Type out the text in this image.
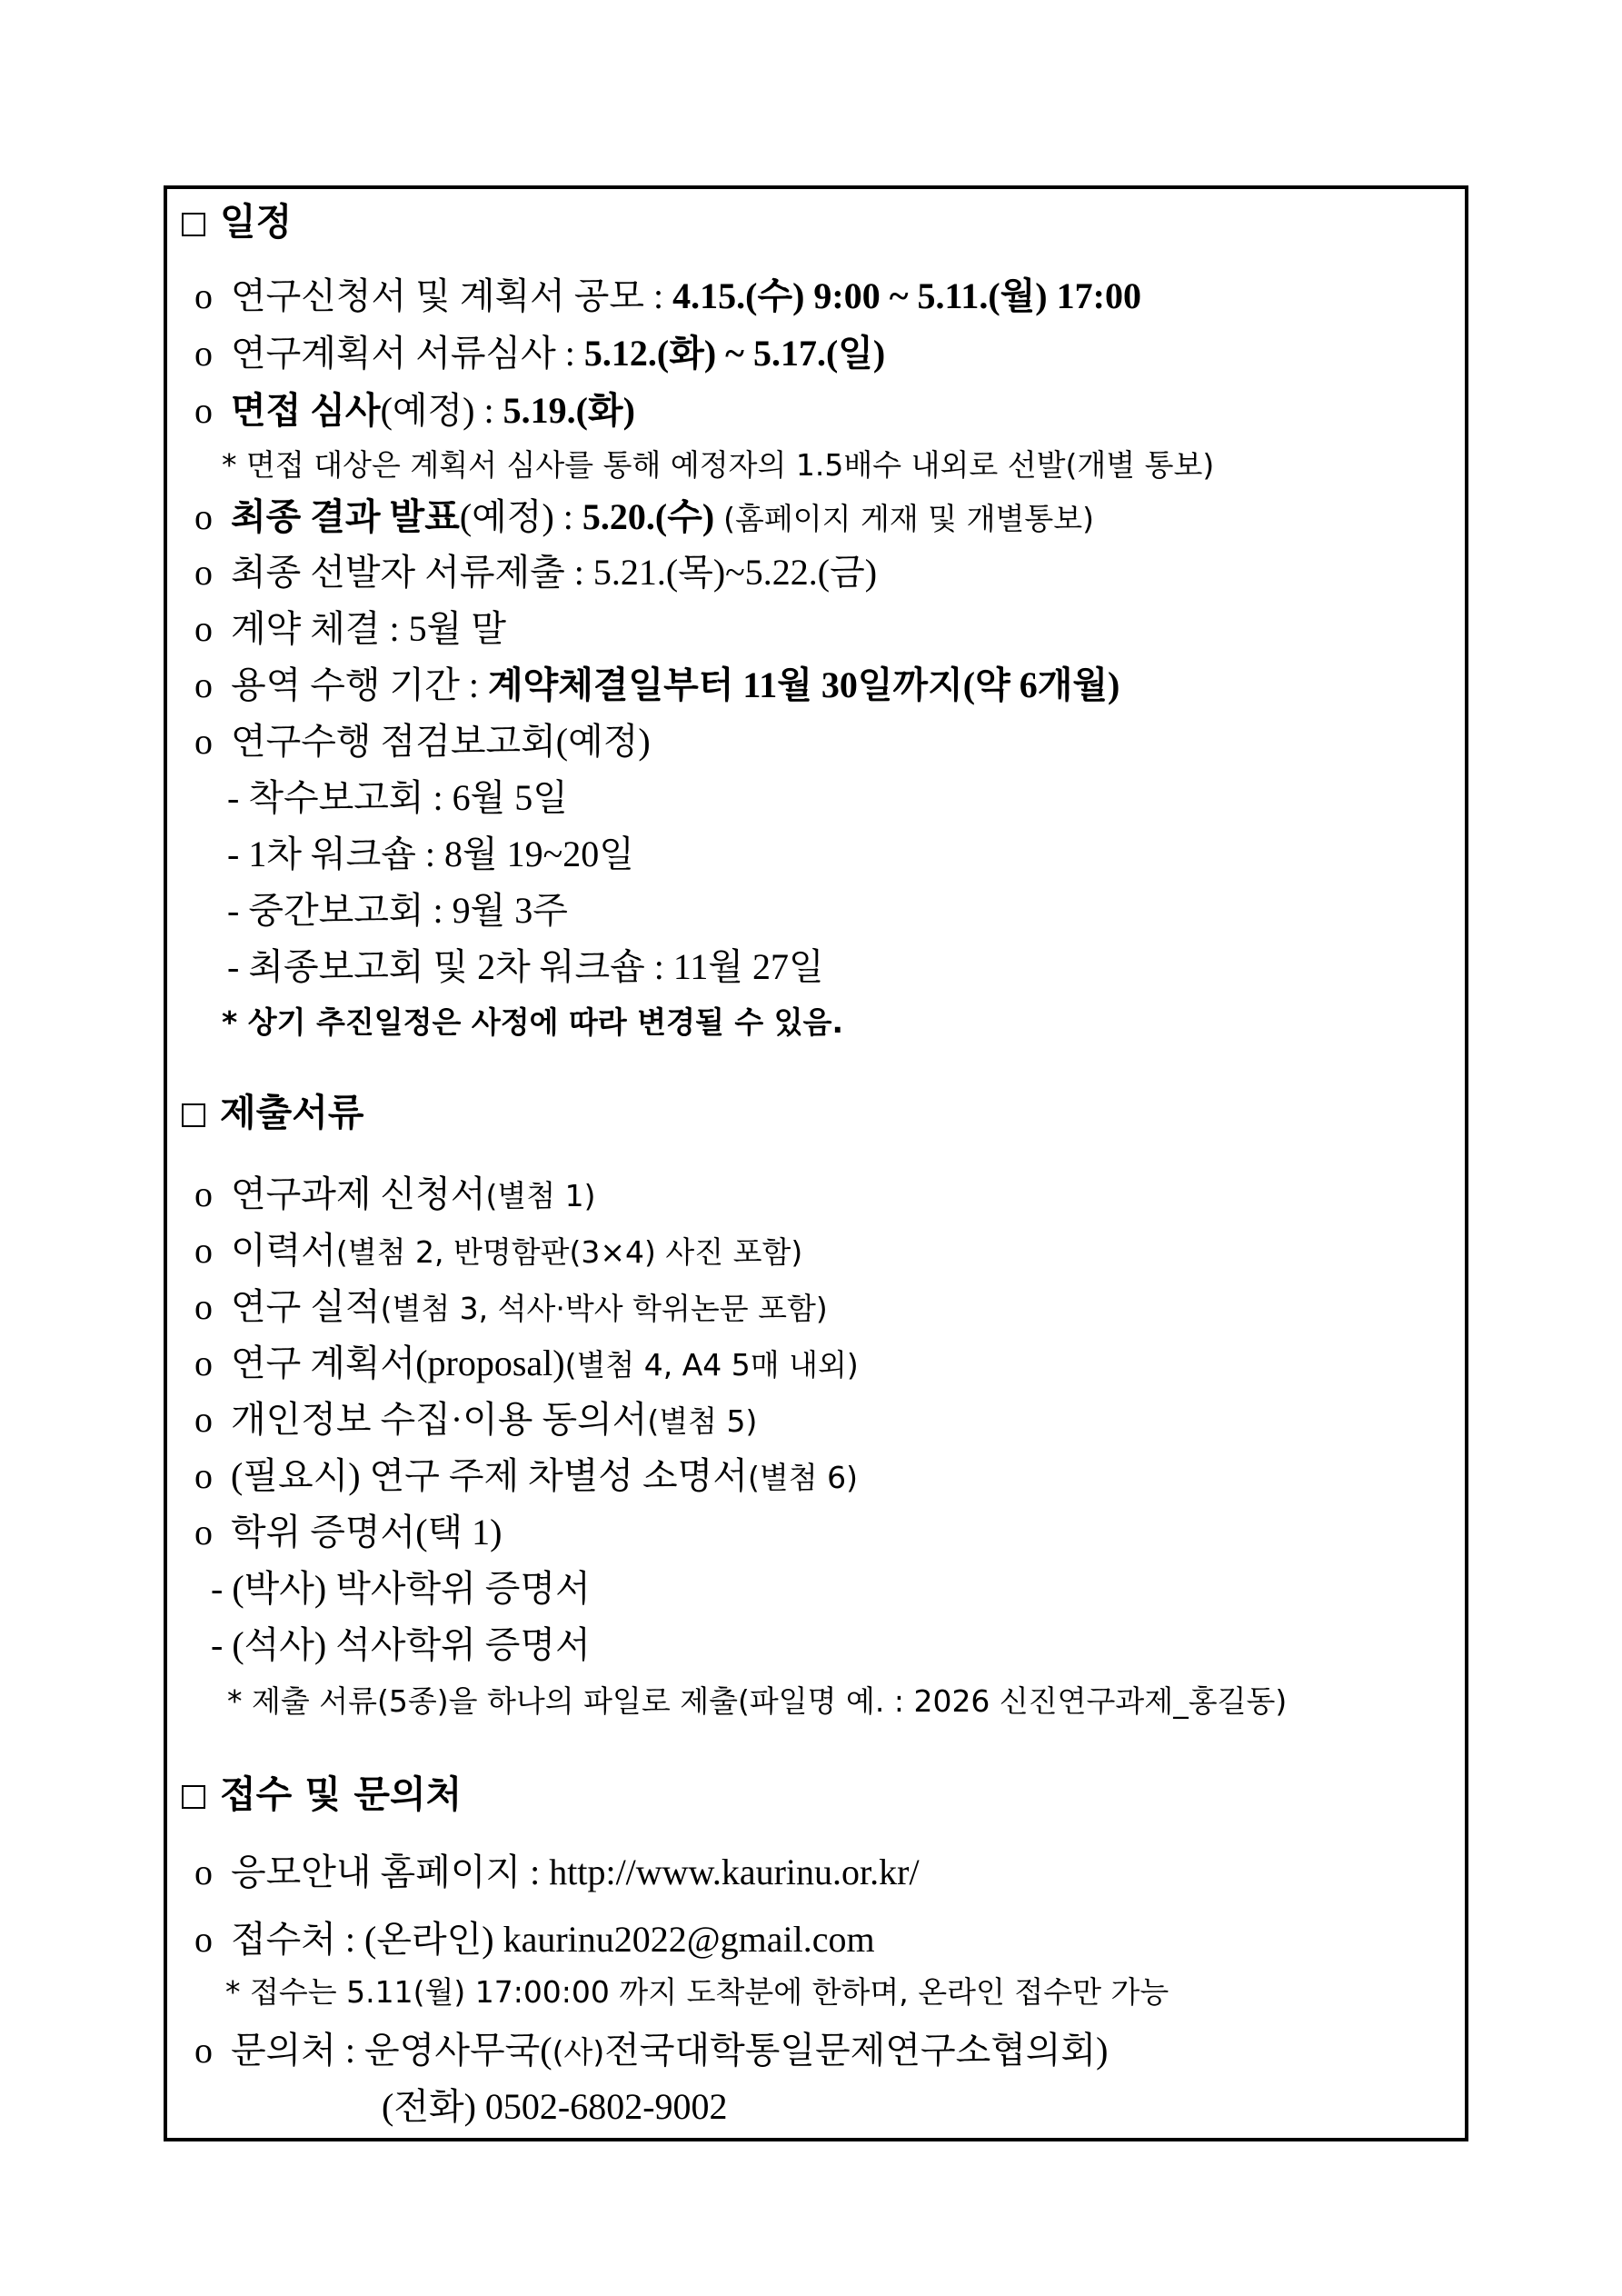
일정
o 연구신청서 및 계획서 공모 : 4.15.(수) 9:00 ~ 5.11.(월) 17:00
o 연구계획서 서류심사 : 5.12.(화) ~ 5.17.(일)
o 면접 심사(예정) : 5.19.(화)
* 면접 대상은 계획서 심사를 통해 예정자의 1.5배수 내외로 선발(개별 통보)
o 최종 결과 발표(예정) : 5.20.(수) (홈페이지 게재 및 개별통보)
o 최종 선발자 서류제출 : 5.21.(목)~5.22.(금)
o 계약 체결 : 5월 말
o 용역 수행 기간 : 계약체결일부터 11월 30일까지(약 6개월)
o 연구수행 점검보고회(예정)
- 착수보고회 : 6월 5일
- 1차 워크숍 : 8월 19~20일
- 중간보고회 : 9월 3주
- 최종보고회 및 2차 워크숍 : 11월 27일
* 상기 추진일정은 사정에 따라 변경될 수 있음.
제출서류
o 연구과제 신청서(별첨 1)
o 이력서(별첨 2, 반명함판(3×4) 사진 포함)
o 연구 실적(별첨 3, 석사·박사 학위논문 포함)
o 연구 계획서(proposal)(별첨 4, A4 5매 내외)
o 개인정보 수집·이용 동의서(별첨 5)
o (필요시) 연구 주제 차별성 소명서(별첨 6)
o 학위 증명서(택 1)
- (박사) 박사학위 증명서
- (석사) 석사학위 증명서
* 제출 서류(5종)을 하나의 파일로 제출(파일명 예. : 2026 신진연구과제_홍길동)
접수 및 문의처
o 응모안내 홈페이지 : http://www.kaurinu.or.kr/
o 접수처 : (온라인) kaurinu2022@gmail.com
* 접수는 5.11(월) 17:00:00 까지 도착분에 한하며, 온라인 접수만 가능
o 문의처 : 운영사무국((사)전국대학통일문제연구소협의회)
(전화) 0502-6802-9002
